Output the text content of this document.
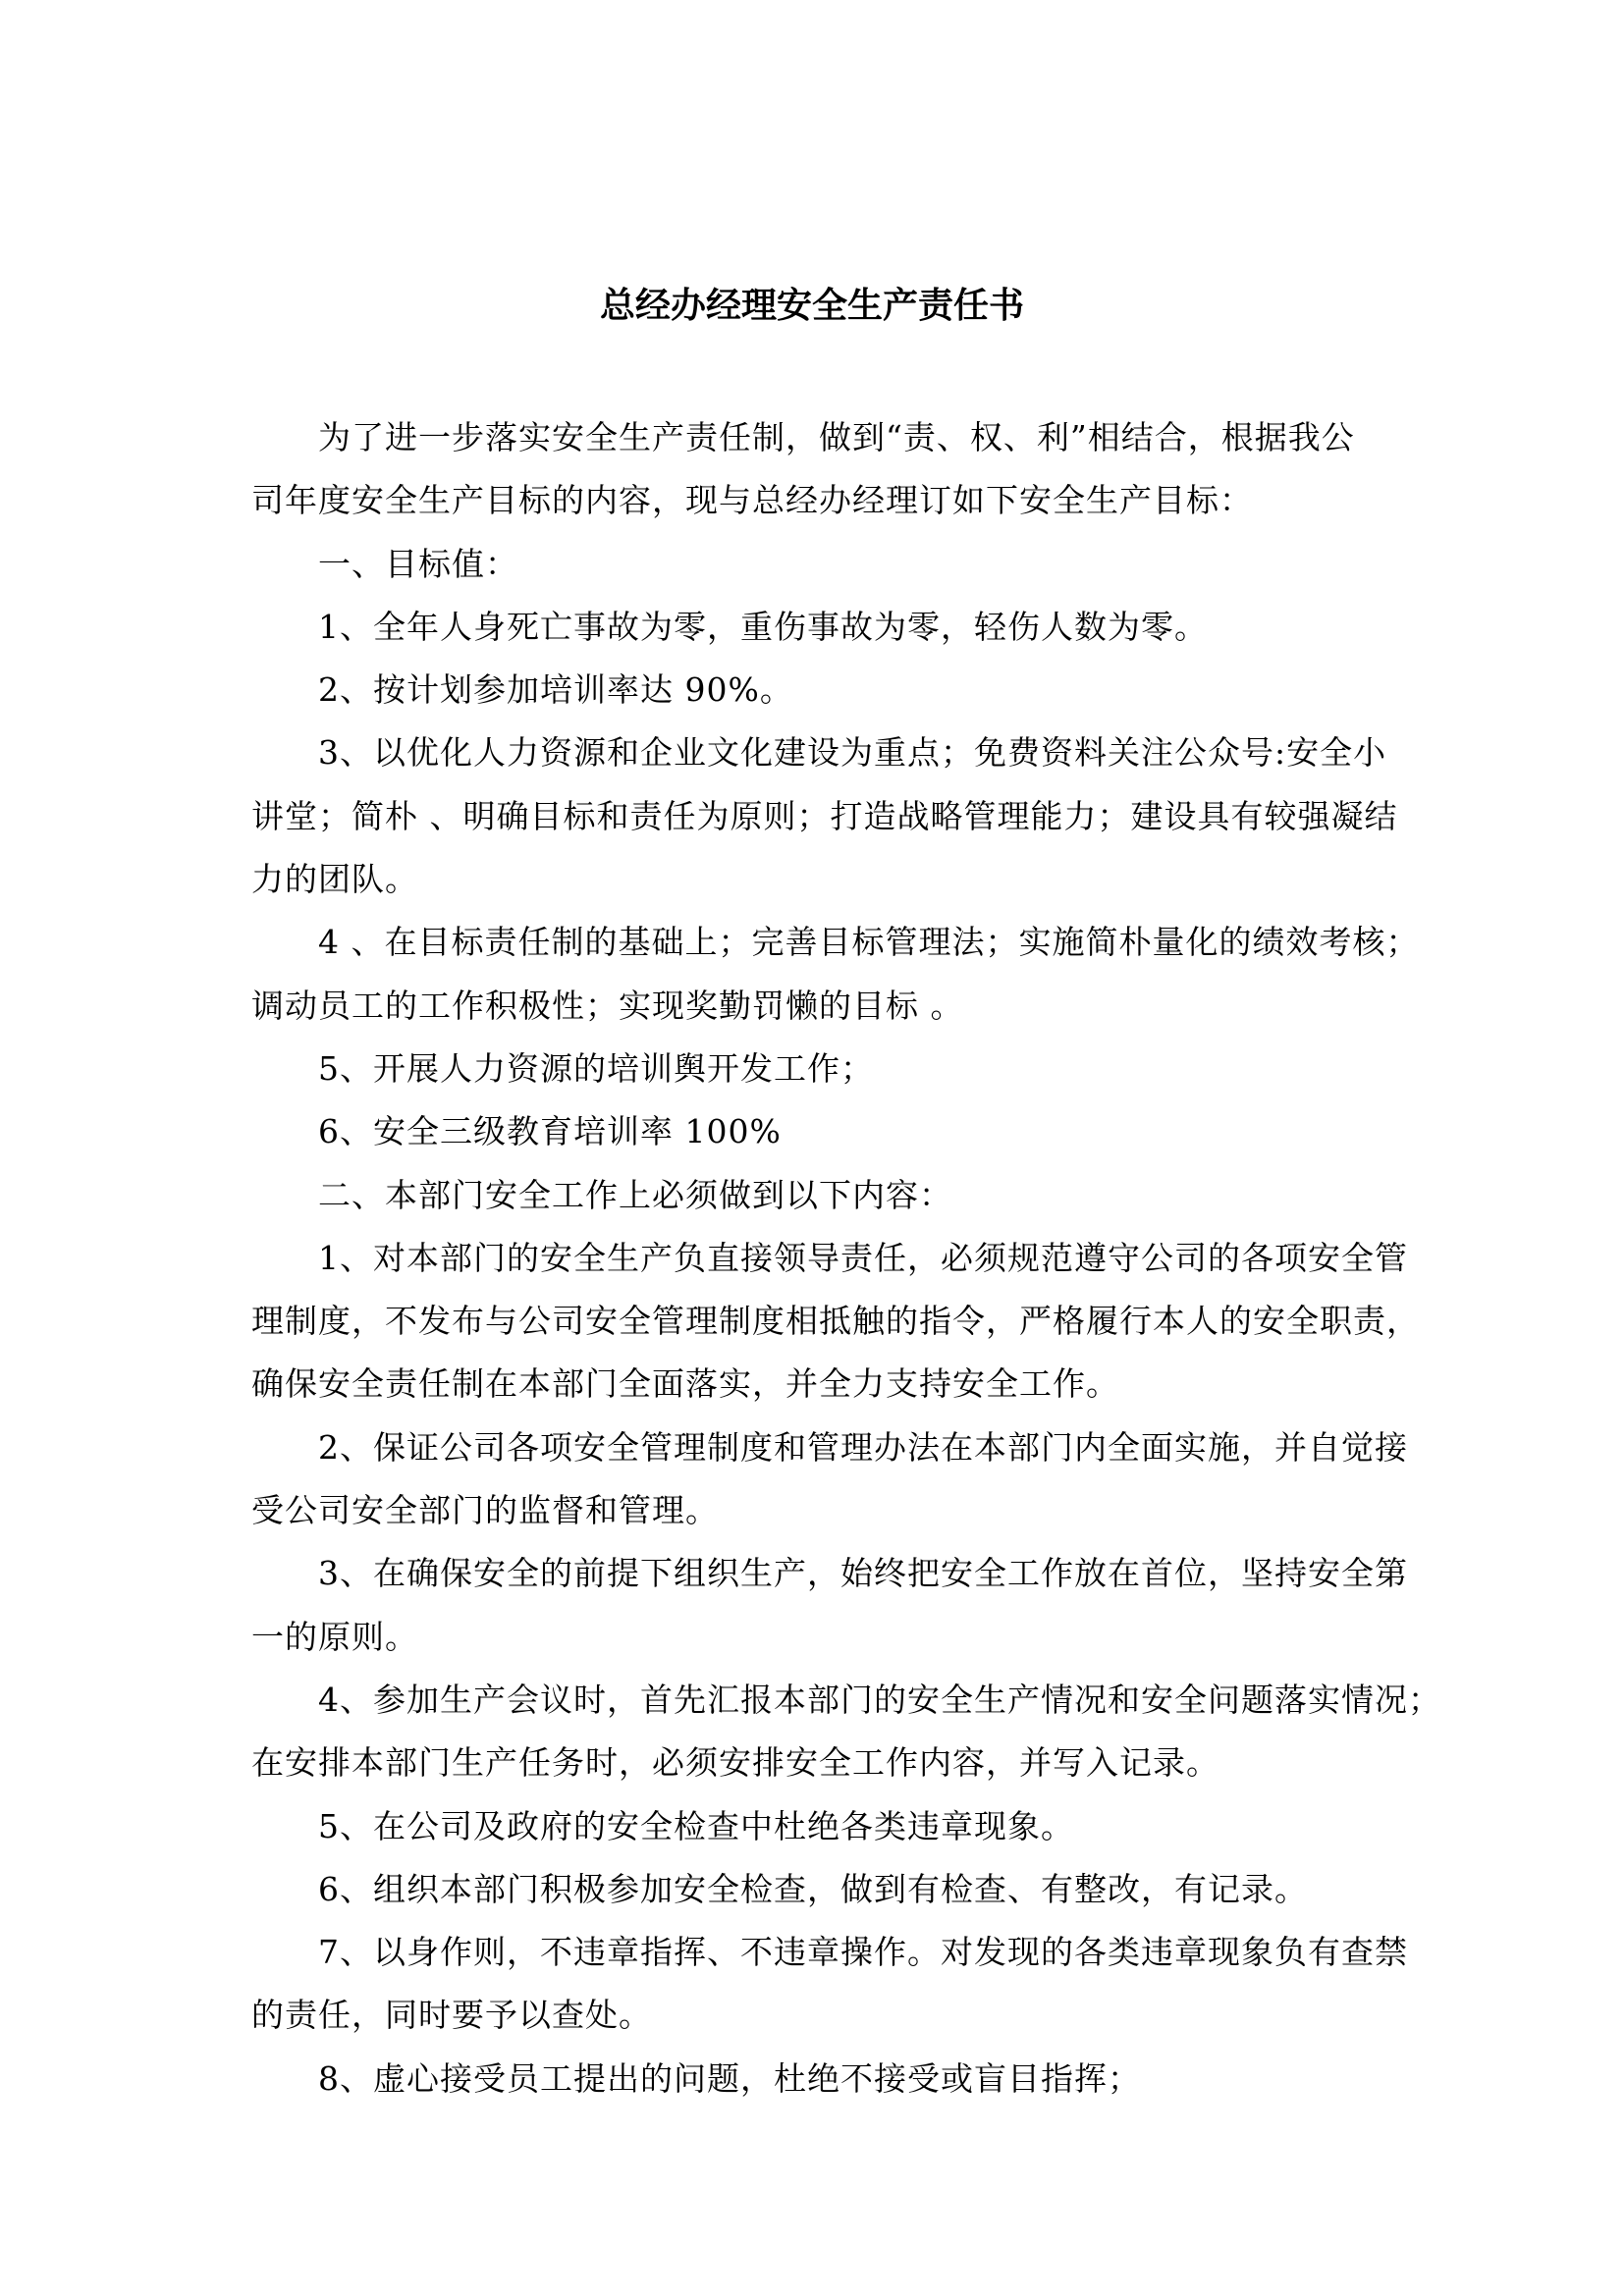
总经办经理安全生产责任书
为了进一步落实安全生产责任制，做到“责、权、利”相结合，根据我公
司年度安全生产目标的内容，现与总经办经理订如下安全生产目标：
一、目标值：
1、全年人身死亡事故为零，重伤事故为零，轻伤人数为零。
2、按计划参加培训率达 90%。
3、以优化人力资源和企业文化建设为重点；免费资料关注公众号:安全小
讲堂；简朴 、明确目标和责任为原则；打造战略管理能力；建设具有较强凝结
力的团队。
4 、在目标责任制的基础上；完善目标管理法；实施简朴量化的绩效考核；
调动员工的工作积极性；实现奖勤罚懒的目标 。
5、开展人力资源的培训舆开发工作；
6、安全三级教育培训率 100%
二、本部门安全工作上必须做到以下内容：
1、对本部门的安全生产负直接领导责任，必须规范遵守公司的各项安全管
理制度，不发布与公司安全管理制度相抵触的指令，严格履行本人的安全职责，
确保安全责任制在本部门全面落实，并全力支持安全工作。
2、保证公司各项安全管理制度和管理办法在本部门内全面实施，并自觉接
受公司安全部门的监督和管理。
3、在确保安全的前提下组织生产，始终把安全工作放在首位，坚持安全第
一的原则。
4、参加生产会议时，首先汇报本部门的安全生产情况和安全问题落实情况；
在安排本部门生产任务时，必须安排安全工作内容，并写入记录。
5、在公司及政府的安全检查中杜绝各类违章现象。
6、组织本部门积极参加安全检查，做到有检查、有整改，有记录。
7、以身作则，不违章指挥、不违章操作。对发现的各类违章现象负有查禁
的责任，同时要予以查处。
8、虚心接受员工提出的问题，杜绝不接受或盲目指挥；
